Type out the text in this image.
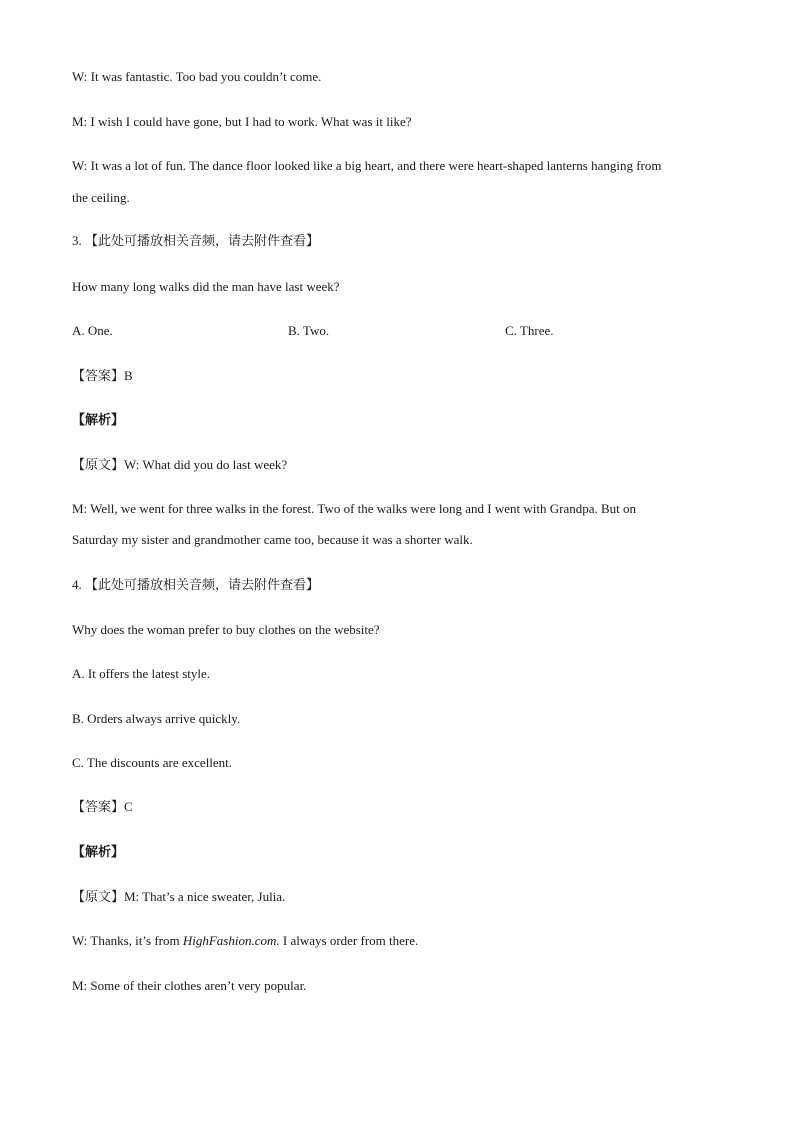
W: It was fantastic. Too bad you couldn’t come.
M: I wish I could have gone, but I had to work. What was it like?
W: It was a lot of fun. The dance floor looked like a big heart, and there were heart-shaped lanterns hanging from
the ceiling.
3. 【此处可播放相关音频，请去附件查看】
How many long walks did the man have last week?
A. One.	B. Two.	C. Three.
【答案】B
【解析】
【原文】W: What did you do last week?
M: Well, we went for three walks in the forest. Two of the walks were long and I went with Grandpa. But on
Saturday my sister and grandmother came too, because it was a shorter walk.
4. 【此处可播放相关音频，请去附件查看】
Why does the woman prefer to buy clothes on the website?
A. It offers the latest style.
B. Orders always arrive quickly.
C. The discounts are excellent.
【答案】C
【解析】
【原文】M: That’s a nice sweater, Julia.
W: Thanks, it’s from HighFashion.com. I always order from there.
M: Some of their clothes aren’t very popular.
